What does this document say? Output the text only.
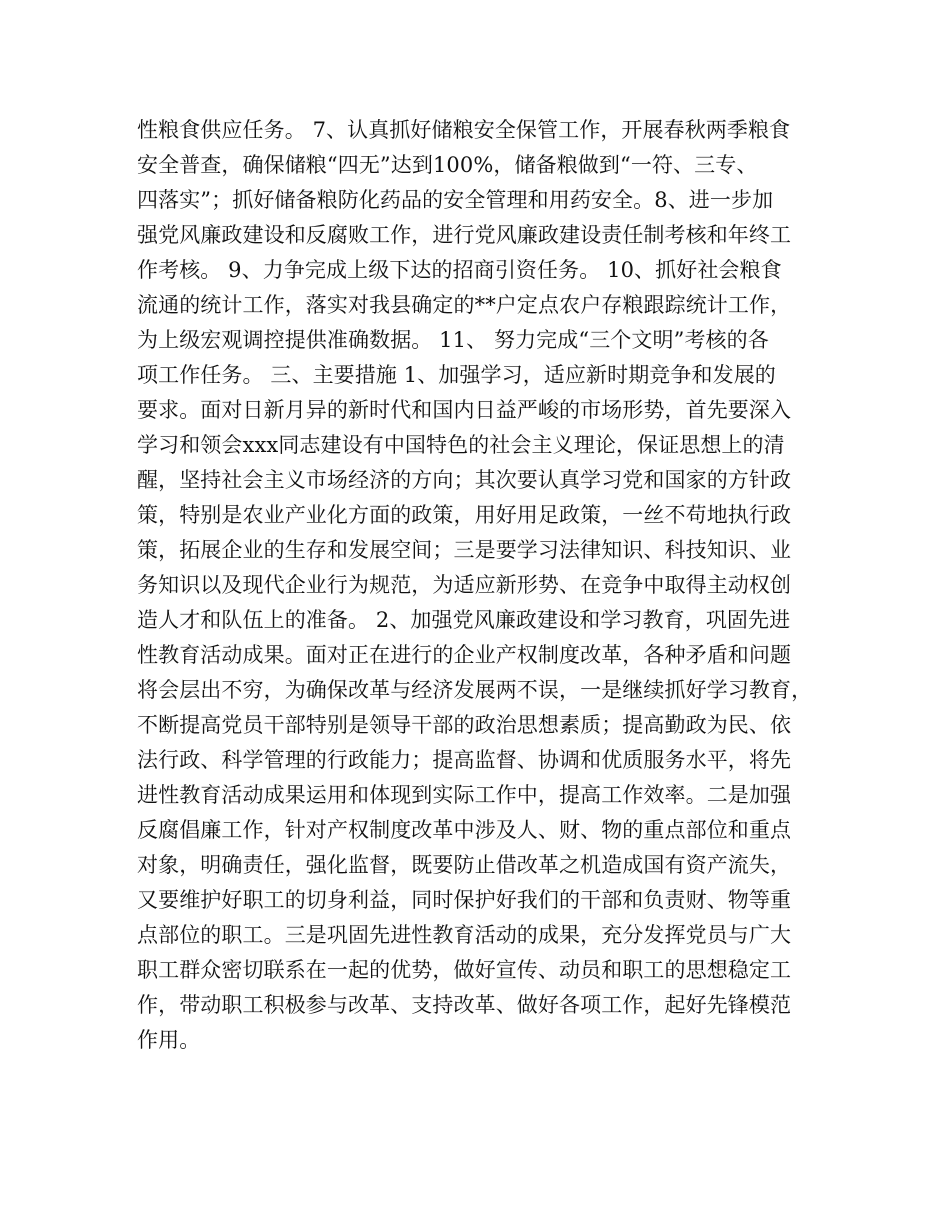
性粮食供应任务。 7、认真抓好储粮安全保管工作，开展春秋两季粮食
安全普查，确保储粮“四无”达到100%，储备粮做到“一符、三专、
四落实”；抓好储备粮防化药品的安全管理和用药安全。8、进一步加
强党风廉政建设和反腐败工作，进行党风廉政建设责任制考核和年终工
作考核。 9、力争完成上级下达的招商引资任务。 10、抓好社会粮食
流通的统计工作，落实对我县确定的**户定点农户存粮跟踪统计工作，
为上级宏观调控提供准确数据。 11、 努力完成“三个文明”考核的各
项工作任务。 三、主要措施 1、加强学习，适应新时期竞争和发展的
要求。面对日新月异的新时代和国内日益严峻的市场形势，首先要深入
学习和领会xxx同志建设有中国特色的社会主义理论，保证思想上的清
醒，坚持社会主义市场经济的方向；其次要认真学习党和国家的方针政
策，特别是农业产业化方面的政策，用好用足政策，一丝不苟地执行政
策，拓展企业的生存和发展空间；三是要学习法律知识、科技知识、业
务知识以及现代企业行为规范，为适应新形势、在竞争中取得主动权创
造人才和队伍上的准备。 2、加强党风廉政建设和学习教育，巩固先进
性教育活动成果。面对正在进行的企业产权制度改革，各种矛盾和问题
将会层出不穷，为确保改革与经济发展两不误，一是继续抓好学习教育，
不断提高党员干部特别是领导干部的政治思想素质；提高勤政为民、依
法行政、科学管理的行政能力；提高监督、协调和优质服务水平，将先
进性教育活动成果运用和体现到实际工作中，提高工作效率。二是加强
反腐倡廉工作，针对产权制度改革中涉及人、财、物的重点部位和重点
对象，明确责任，强化监督，既要防止借改革之机造成国有资产流失，
又要维护好职工的切身利益，同时保护好我们的干部和负责财、物等重
点部位的职工。三是巩固先进性教育活动的成果，充分发挥党员与广大
职工群众密切联系在一起的优势，做好宣传、动员和职工的思想稳定工
作，带动职工积极参与改革、支持改革、做好各项工作，起好先锋模范
作用。
